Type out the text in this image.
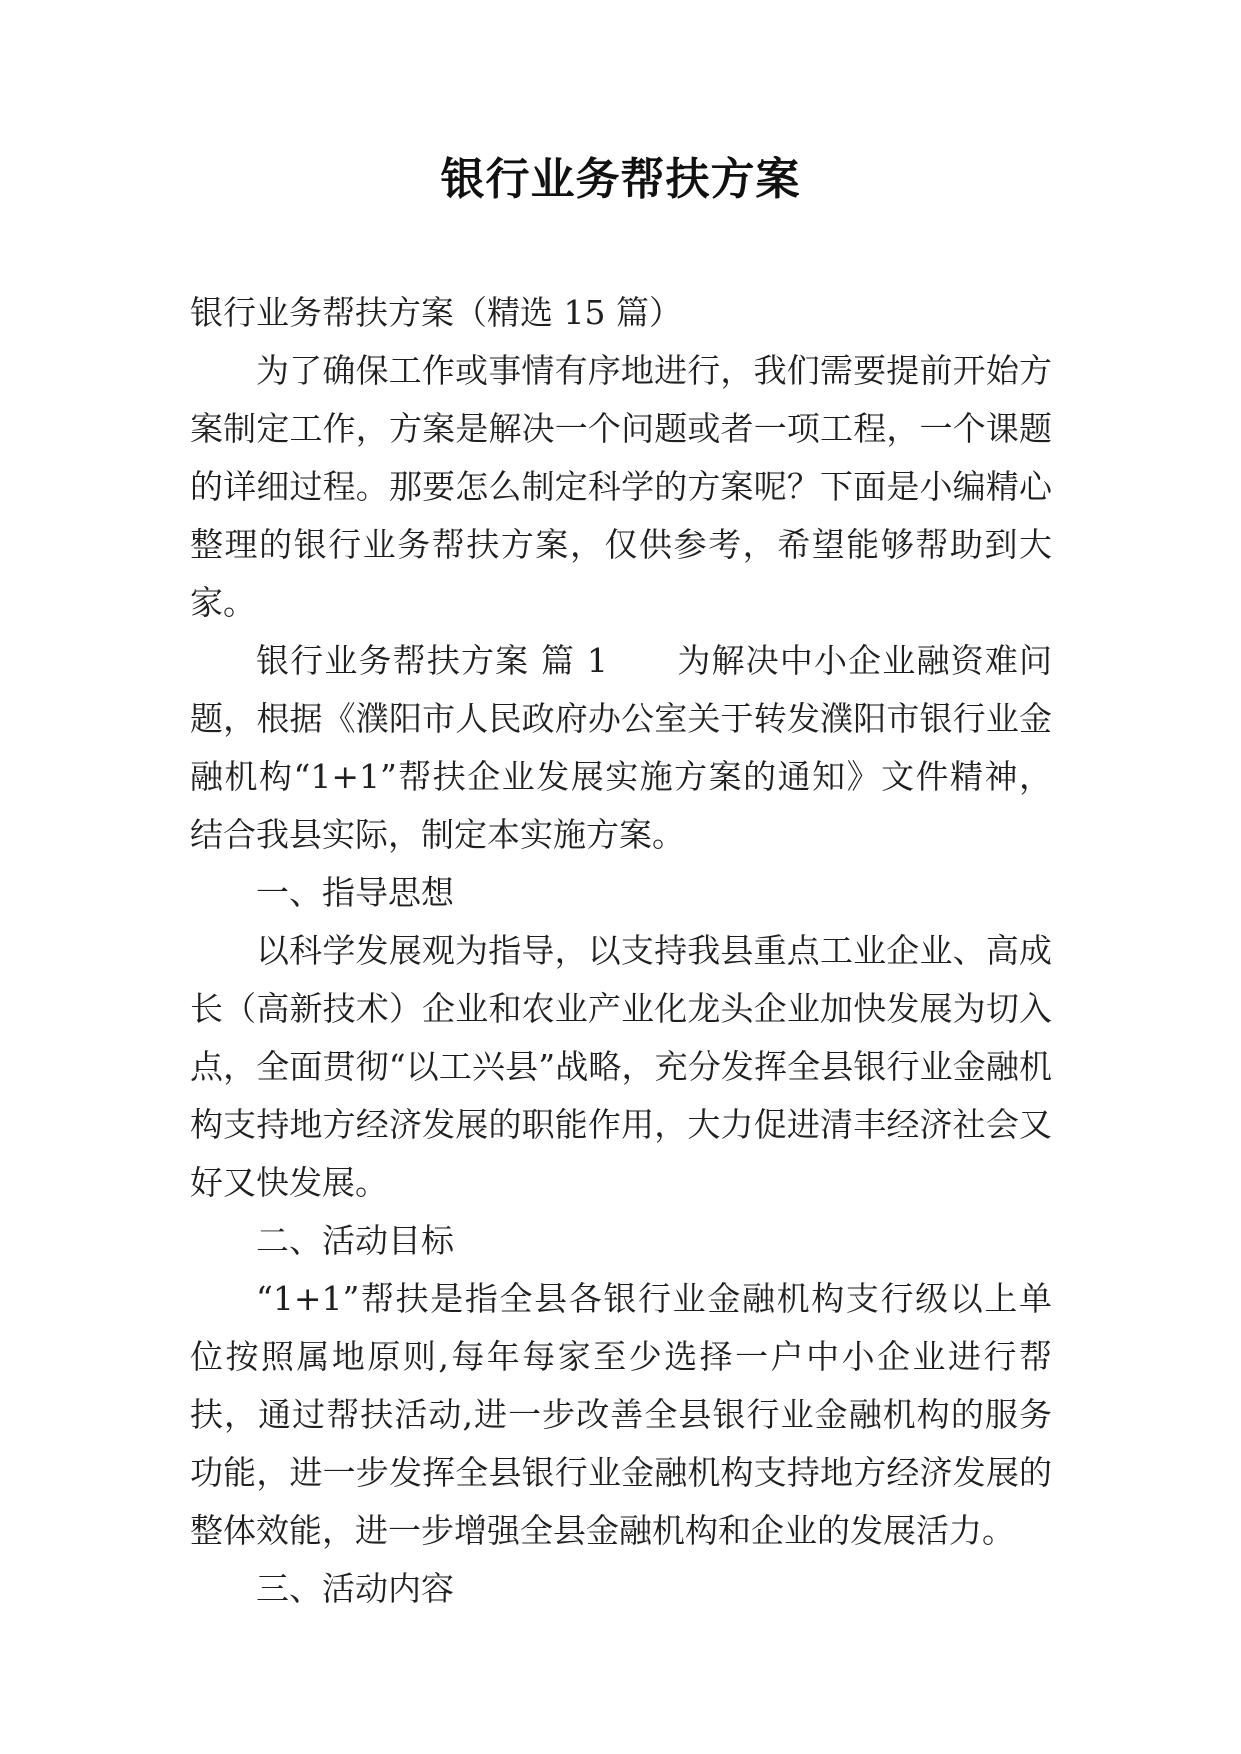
银行业务帮扶方案

银行业务帮扶方案（精选 15 篇）

为了确保工作或事情有序地进行，我们需要提前开始方案制定工作，方案是解决一个问题或者一项工程，一个课题的详细过程。那要怎么制定科学的方案呢？下面是小编精心整理的银行业务帮扶方案，仅供参考，希望能够帮助到大家。

银行业务帮扶方案 篇 1　　为解决中小企业融资难问题，根据《濮阳市人民政府办公室关于转发濮阳市银行业金融机构“1+1”帮扶企业发展实施方案的通知》文件精神，结合我县实际，制定本实施方案。

一、指导思想

以科学发展观为指导，以支持我县重点工业企业、高成长（高新技术）企业和农业产业化龙头企业加快发展为切入点，全面贯彻“以工兴县”战略，充分发挥全县银行业金融机构支持地方经济发展的职能作用，大力促进清丰经济社会又好又快发展。

二、活动目标

“1+1”帮扶是指全县各银行业金融机构支行级以上单位按照属地原则,每年每家至少选择一户中小企业进行帮扶，通过帮扶活动,进一步改善全县银行业金融机构的服务功能，进一步发挥全县银行业金融机构支持地方经济发展的整体效能，进一步增强全县金融机构和企业的发展活力。

三、活动内容
